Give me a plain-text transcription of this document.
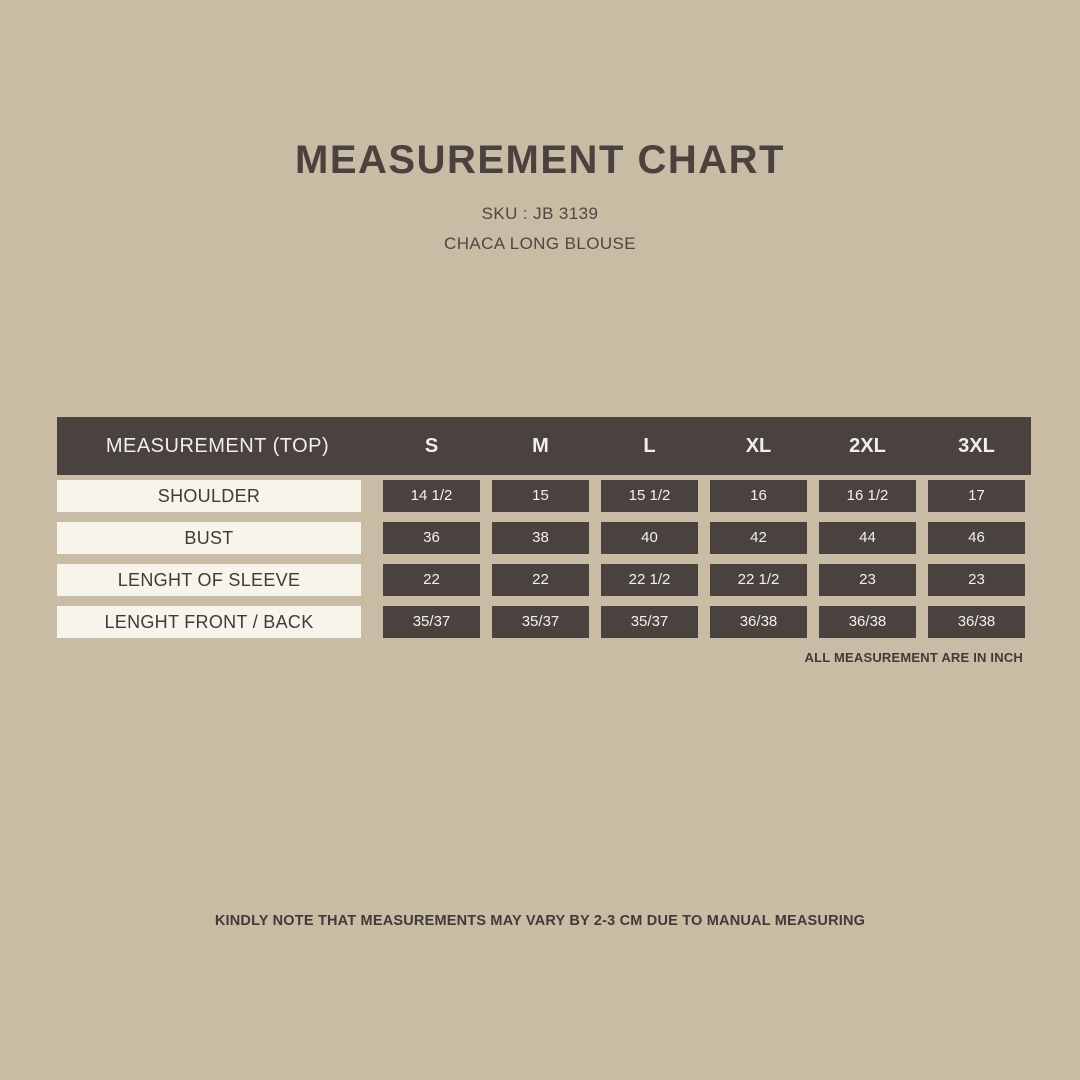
MEASUREMENT CHART
SKU : JB 3139
CHACA LONG BLOUSE
MEASUREMENT (TOP)		S	M	L	XL	2XL	3XL

SHOULDER		14 1/2	15	15 1/2	16	16 1/2	17

BUST		36	38	40	42	44	46

LENGHT OF SLEEVE		22	22	22 1/2	22 1/2	23	23

LENGHT FRONT / BACK		35/37	35/37	35/37	36/38	36/38	36/38
ALL MEASUREMENT ARE IN INCH
KINDLY NOTE THAT MEASUREMENTS MAY VARY BY 2-3 CM DUE TO MANUAL MEASURING
